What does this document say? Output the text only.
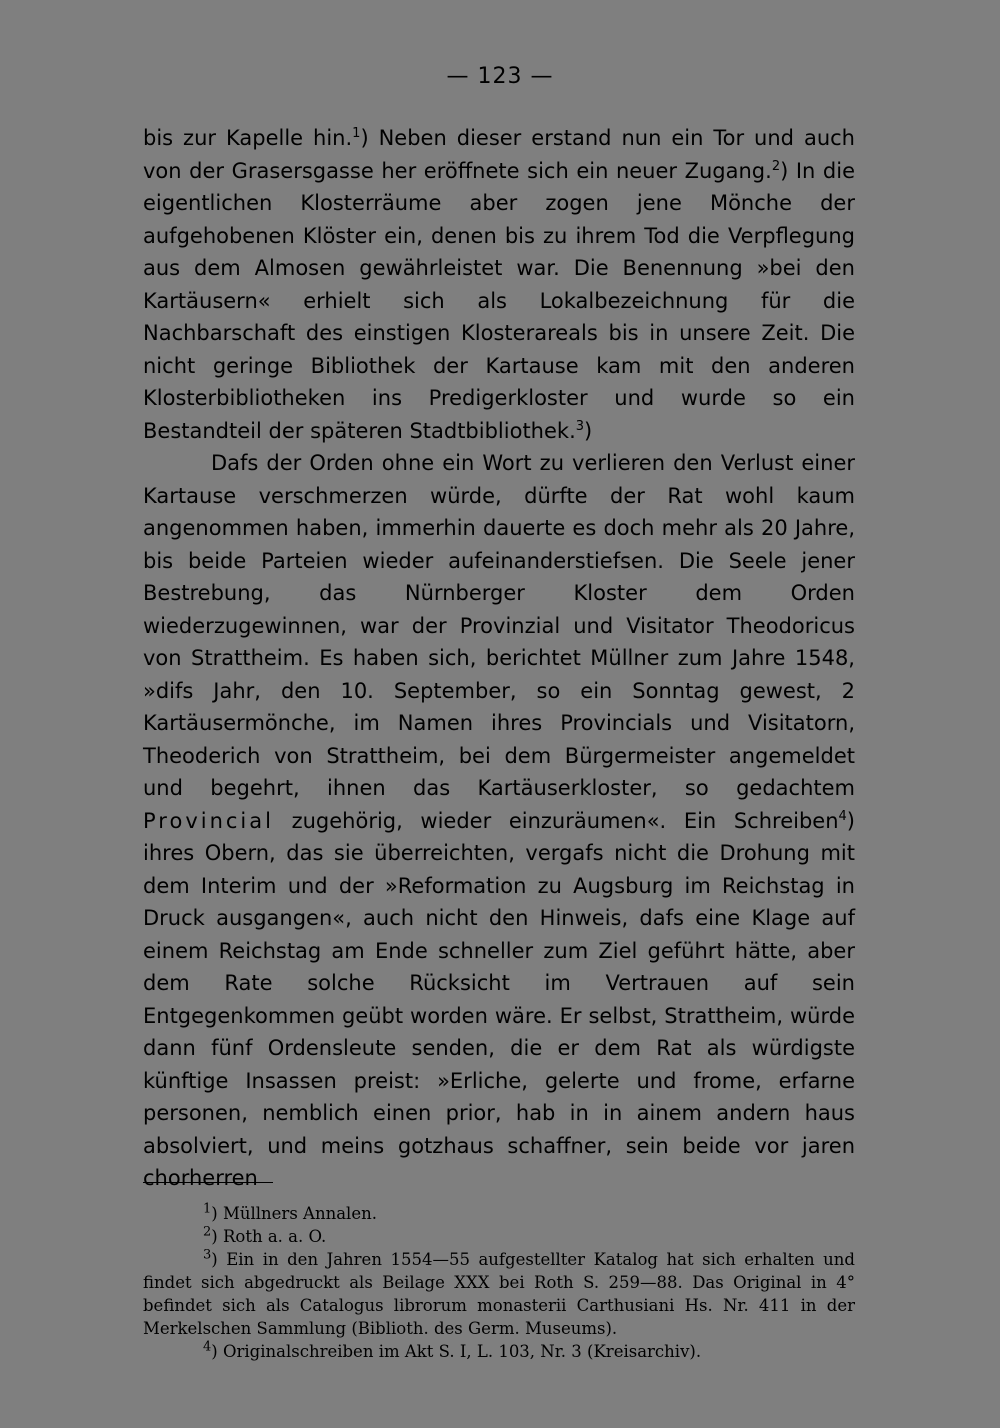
— 123 —

bis zur Kapelle hin.$^1$) Neben dieser erstand nun ein Tor und auch von der Grasersgasse her eröffnete sich ein neuer Zugang.$^2$) In die eigentlichen Klosterräume aber zogen jene Mönche der aufgehobenen Klöster ein, denen bis zu ihrem Tod die Verpflegung aus dem Almosen gewährleistet war. Die Benennung »bei den Kartäusern« erhielt sich als Lokalbezeichnung für die Nachbarschaft des einstigen Klosterareals bis in unsere Zeit. Die nicht geringe Bibliothek der Kartause kam mit den anderen Klosterbibliotheken ins Predigerkloster und wurde so ein Bestandteil der späteren Stadtbibliothek.$^3$)

Dafs der Orden ohne ein Wort zu verlieren den Verlust einer Kartause verschmerzen würde, dürfte der Rat wohl kaum angenommen haben, immerhin dauerte es doch mehr als 20 Jahre, bis beide Parteien wieder aufeinanderstiefsen. Die Seele jener Bestrebung, das Nürnberger Kloster dem Orden wiederzugewinnen, war der Provinzial und Visitator Theodoricus von Strattheim. Es haben sich, berichtet Müllner zum Jahre 1548, »difs Jahr, den 10. September, so ein Sonntag gewest, 2 Kartäusermönche, im Namen ihres Provincials und Visitatorn, Theoderich von Strattheim, bei dem Bürgermeister angemeldet und begehrt, ihnen das Kartäuserkloster, so gedachtem Provincial zugehörig, wieder einzuräumen«. Ein Schreiben$^4$) ihres Obern, das sie überreichten, vergafs nicht die Drohung mit dem Interim und der »Reformation zu Augsburg im Reichstag in Druck ausgangen«, auch nicht den Hinweis, dafs eine Klage auf einem Reichstag am Ende schneller zum Ziel geführt hätte, aber dem Rate solche Rücksicht im Vertrauen auf sein Entgegenkommen geübt worden wäre. Er selbst, Strattheim, würde dann fünf Ordensleute senden, die er dem Rat als würdigste künftige Insassen preist: »Erliche, gelerte und frome, erfarne personen, nemblich einen prior, hab in in ainem andern haus absolviert, und meins gotzhaus schaffner, sein beide vor jaren chorherren

$^1$) Müllners Annalen.

$^2$) Roth a. a. O.

$^3$) Ein in den Jahren 1554—55 aufgestellter Katalog hat sich erhalten und findet sich abgedruckt als Beilage XXX bei Roth S. 259—88. Das Original in 4° befindet sich als Catalogus librorum monasterii Carthusiani Hs. Nr. 411 in der Merkelschen Sammlung (Biblioth. des Germ. Museums).

$^4$) Originalschreiben im Akt S. I, L. 103, Nr. 3 (Kreisarchiv).
